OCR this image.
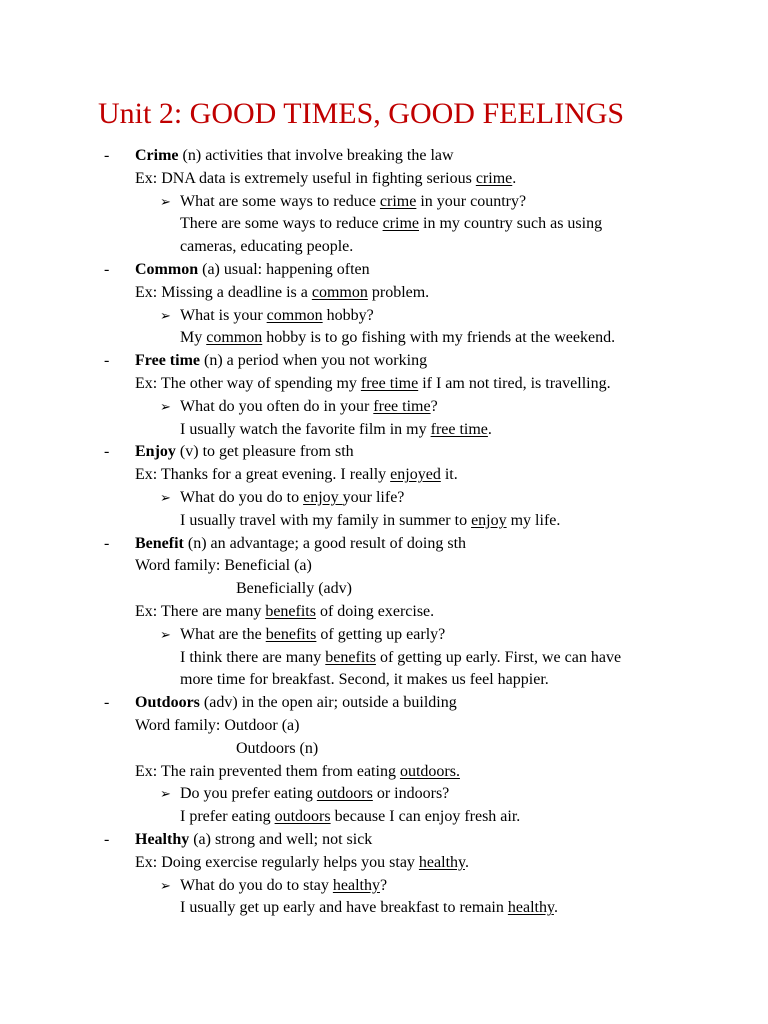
Unit 2: GOOD TIMES, GOOD FEELINGS
- Crime (n) activities that involve breaking the law
Ex: DNA data is extremely useful in fighting serious crime.
➢ What are some ways to reduce crime in your country?
There are some ways to reduce crime in my country such as using
cameras, educating people.
- Common (a) usual: happening often
Ex: Missing a deadline is a common problem.
➢ What is your common hobby?
My common hobby is to go fishing with my friends at the weekend.
- Free time (n) a period when you not working
Ex: The other way of spending my free time if I am not tired, is travelling.
➢ What do you often do in your free time?
I usually watch the favorite film in my free time.
- Enjoy (v) to get pleasure from sth
Ex: Thanks for a great evening. I really enjoyed it.
➢ What do you do to enjoy your life?
I usually travel with my family in summer to enjoy my life.
- Benefit (n) an advantage; a good result of doing sth
Word family: Beneficial (a)
Beneficially (adv)
Ex: There are many benefits of doing exercise.
➢ What are the benefits of getting up early?
I think there are many benefits of getting up early. First, we can have
more time for breakfast. Second, it makes us feel happier.
- Outdoors (adv) in the open air; outside a building
Word family: Outdoor (a)
Outdoors (n)
Ex: The rain prevented them from eating outdoors.
➢ Do you prefer eating outdoors or indoors?
I prefer eating outdoors because I can enjoy fresh air.
- Healthy (a) strong and well; not sick
Ex: Doing exercise regularly helps you stay healthy.
➢ What do you do to stay healthy?
I usually get up early and have breakfast to remain healthy.
